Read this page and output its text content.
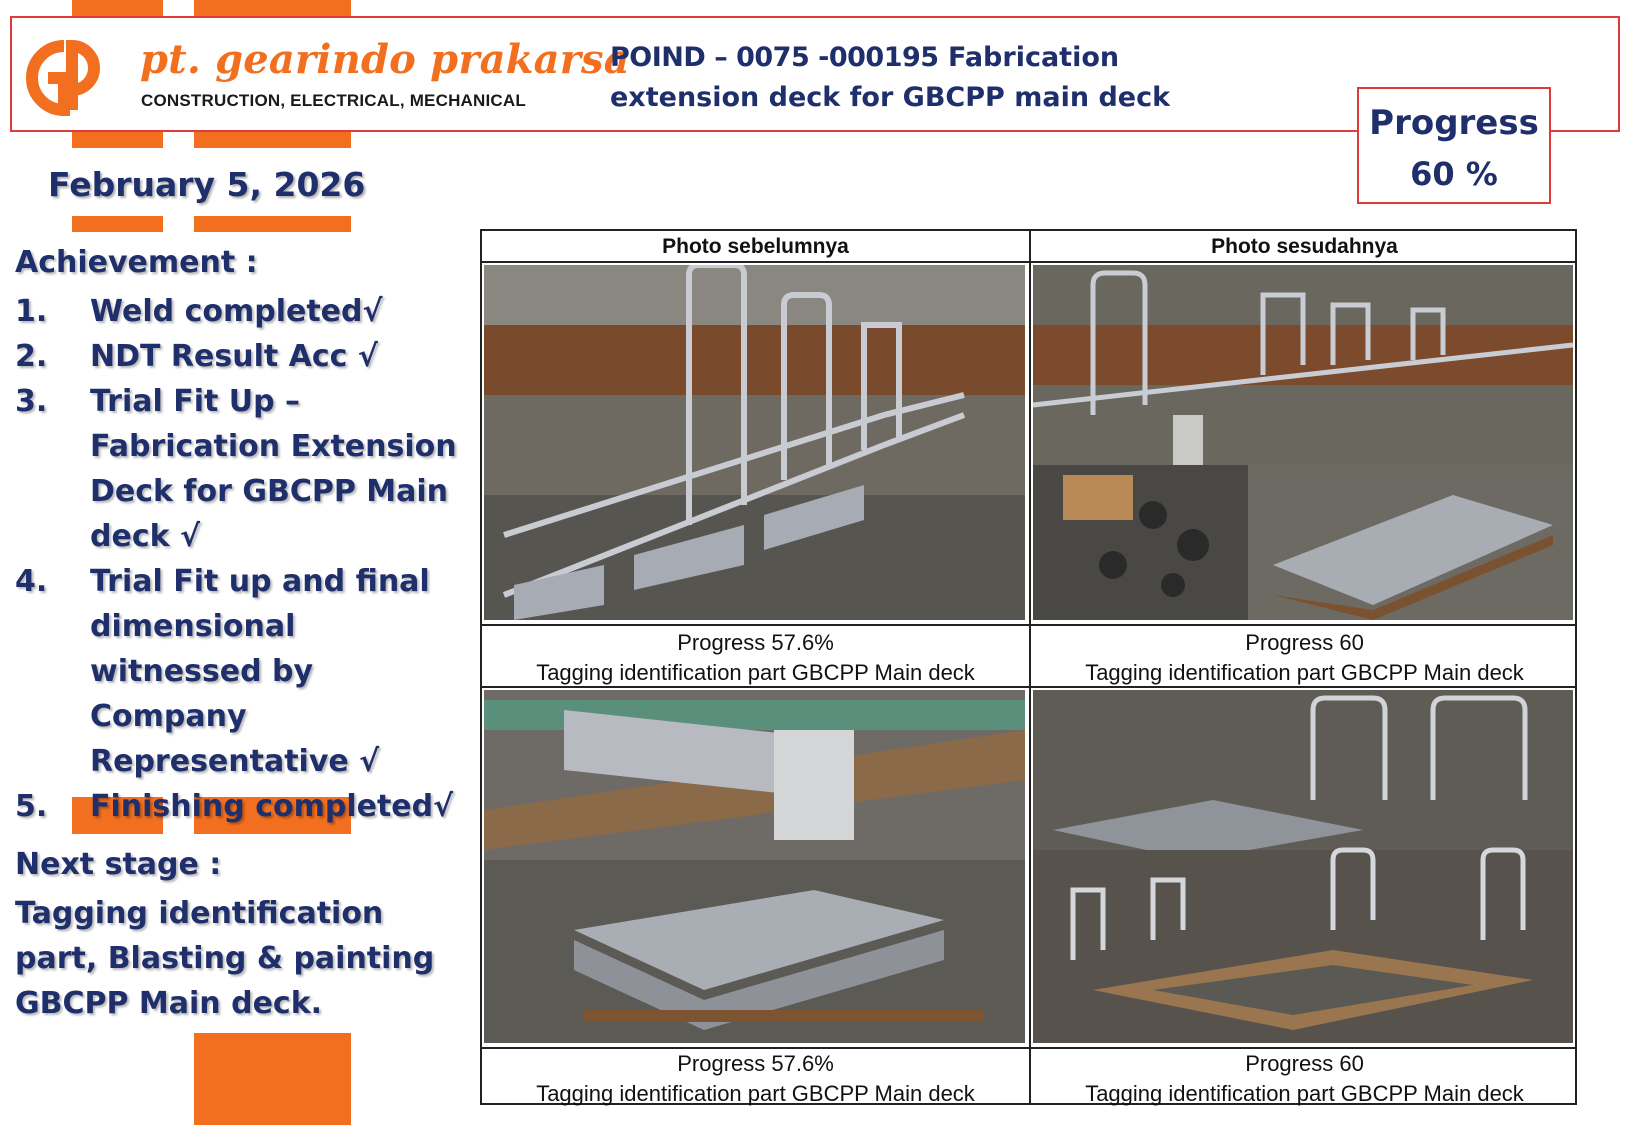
pt. gearindo prakarsa
CONSTRUCTION, ELECTRICAL, MECHANICAL
POIND – 0075 -000195 Fabrication
extension deck for GBCPP main deck
Progress
60 %
February 5, 2026
Achievement :
1. Weld completed√
2. NDT Result Acc √
3. Trial Fit Up – Fabrication Extension Deck for GBCPP Main deck √
4. Trial Fit up and final dimensional witnessed by Company Representative √
5. Finishing completed√
Next stage :
Tagging identification part, Blasting & painting GBCPP Main deck.
Photo sebelumnya	Photo sesudahnya
Progress 57.6%
Tagging identification part GBCPP Main deck
Progress 60
Tagging identification part GBCPP Main deck
Progress 57.6%
Tagging identification part GBCPP Main deck
Progress 60
Tagging identification part GBCPP Main deck
